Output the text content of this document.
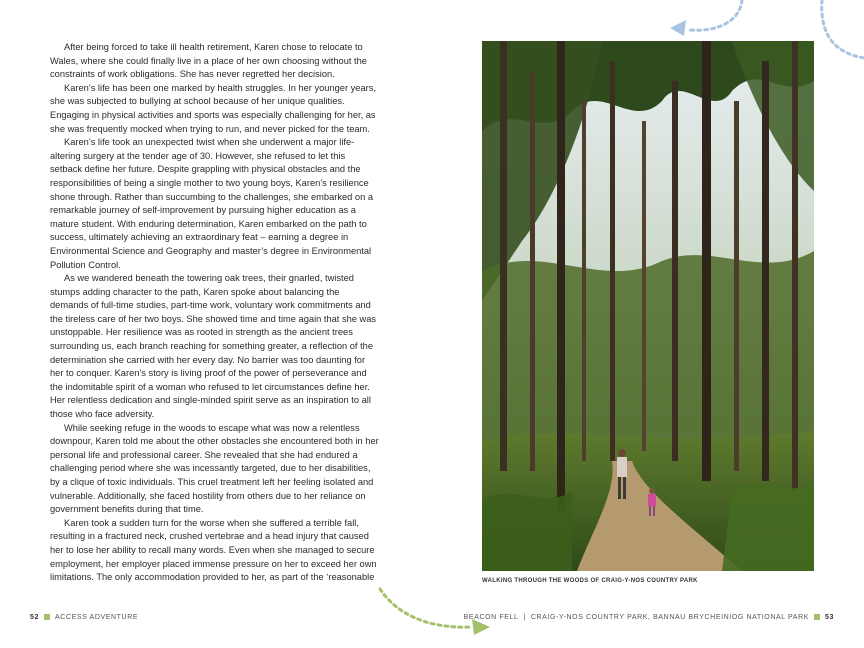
After being forced to take ill health retirement, Karen chose to relocate to Wales, where she could finally live in a place of her own choosing without the constraints of work obligations. She has never regretted her decision.

Karen’s life has been one marked by health struggles. In her younger years, she was subjected to bullying at school because of her unique qualities. Engaging in physical activities and sports was especially challenging for her, as she was frequently mocked when trying to run, and never picked for the team.

Karen’s life took an unexpected twist when she underwent a major life-altering surgery at the tender age of 30. However, she refused to let this setback define her future. Despite grappling with physical obstacles and the responsibilities of being a single mother to two young boys, Karen’s resilience shone through. Rather than succumbing to the challenges, she embarked on a remarkable journey of self-improvement by pursuing higher education as a mature student. With enduring determination, Karen embarked on the path to success, ultimately achieving an extraordinary feat – earning a degree in Environmental Science and Geography and master’s degree in Environmental Pollution Control.

As we wandered beneath the towering oak trees, their gnarled, twisted stumps adding character to the path, Karen spoke about balancing the demands of full-time studies, part-time work, voluntary work commitments and the tireless care of her two boys. She showed time and time again that she was unstoppable. Her resilience was as rooted in strength as the ancient trees surrounding us, each branch reaching for something greater, a reflection of the determination she carried with her every day. No barrier was too daunting for her to conquer. Karen’s story is living proof of the power of perseverance and the indomitable spirit of a woman who refused to let circumstances define her. Her relentless dedication and single-minded spirit serve as an inspiration to all those who face adversity.

While seeking refuge in the woods to escape what was now a relentless downpour, Karen told me about the other obstacles she encountered both in her personal life and professional career. She revealed that she had endured a challenging period where she was incessantly targeted, due to her disabilities, by a clique of toxic individuals. This cruel treatment left her feeling isolated and vulnerable. Additionally, she faced hostility from others due to her reliance on government benefits during that time.

Karen took a sudden turn for the worse when she suffered a terrible fall, resulting in a fractured neck, crushed vertebrae and a head injury that caused her to lose her ability to recall many words. Even when she managed to secure employment, her employer placed immense pressure on her to exceed her own limitations. The only accommodation provided to her, as part of the ‘reasonable	WALKING THROUGH THE WOODS OF CRAIG-Y-NOS COUNTRY PARK
52 ACCESS ADVENTURE	BEACON FELL  |  CRAIG-Y-NOS COUNTRY PARK, BANNAU BRYCHEINIOG NATIONAL PARK 53
